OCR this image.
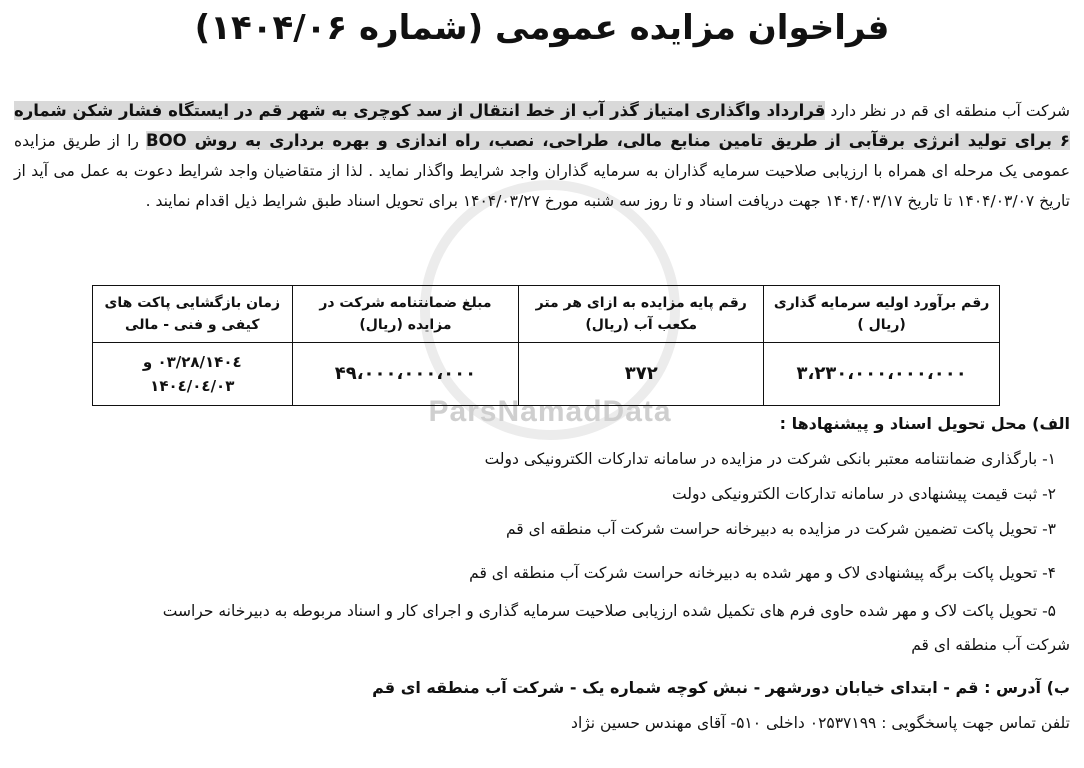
ParsNamadData
فراخوان مزایده عمومی (شماره ۱۴۰۴/۰۶)
شرکت آب منطقه ای قم در نظر دارد قرارداد واگذاری امتیاز گذر آب از خط انتقال از سد کوچری به شهر قم در ایستگاه فشار شکن شماره ۶ برای تولید انرژی برقآبی از طریق تامین منابع مالی، طراحی، نصب، راه اندازی و بهره برداری به روش BOO را از طریق مزایده عمومی یک مرحله ای همراه با ارزیابی صلاحیت سرمایه گذاران به سرمایه گذاران واجد شرایط واگذار نماید . لذا از متقاضیان واجد شرایط دعوت به عمل می آید از تاریخ ۱۴۰۴/۰۳/۰۷ تا تاریخ ۱۴۰۴/۰۳/۱۷ جهت دریافت اسناد و تا روز سه شنبه مورخ ۱۴۰۴/۰۳/۲۷ برای تحویل اسناد طبق شرایط ذیل اقدام نمایند .
رقم برآورد اولیه سرمایه گذاری (ریال )	رقم پایه مزایده به ازای هر متر مکعب آب (ریال)	مبلغ ضمانتنامه شرکت در مزایده (ریال)	زمان بازگشایی پاکت های کیفی و فنی - مالی
۳،۲۳۰،۰۰۰،۰۰۰،۰۰۰	۳۷۲	۴۹،۰۰۰،۰۰۰،۰۰۰	۱۴۰٤/۰۳/۲۸ و ۱۴۰٤/۰٤/۰۳
الف) محل تحویل اسناد و پیشنهادها :
۱- بارگذاری ضمانتنامه معتبر بانکی شرکت در مزایده در سامانه تدارکات الکترونیکی دولت
۲- ثبت قیمت پیشنهادی در سامانه تدارکات الکترونیکی دولت
۳- تحویل پاکت تضمین شرکت در مزایده به دبیرخانه حراست شرکت آب منطقه ای قم
۴- تحویل پاکت برگه پیشنهادی لاک و مهر شده به دبیرخانه حراست شرکت آب منطقه ای قم
۵- تحویل پاکت لاک و مهر شده حاوی فرم های تکمیل شده ارزیابی صلاحیت سرمایه گذاری و اجرای کار و اسناد مربوطه به دبیرخانه حراست
شرکت آب منطقه ای قم
ب) آدرس : قم - ابتدای خیابان دورشهر - نبش کوچه شماره یک - شرکت آب منطقه ای قم
تلفن تماس جهت پاسخگویی : ۰۲۵۳۷۱۹۹ داخلی ۵۱۰- آقای مهندس حسین نژاد
